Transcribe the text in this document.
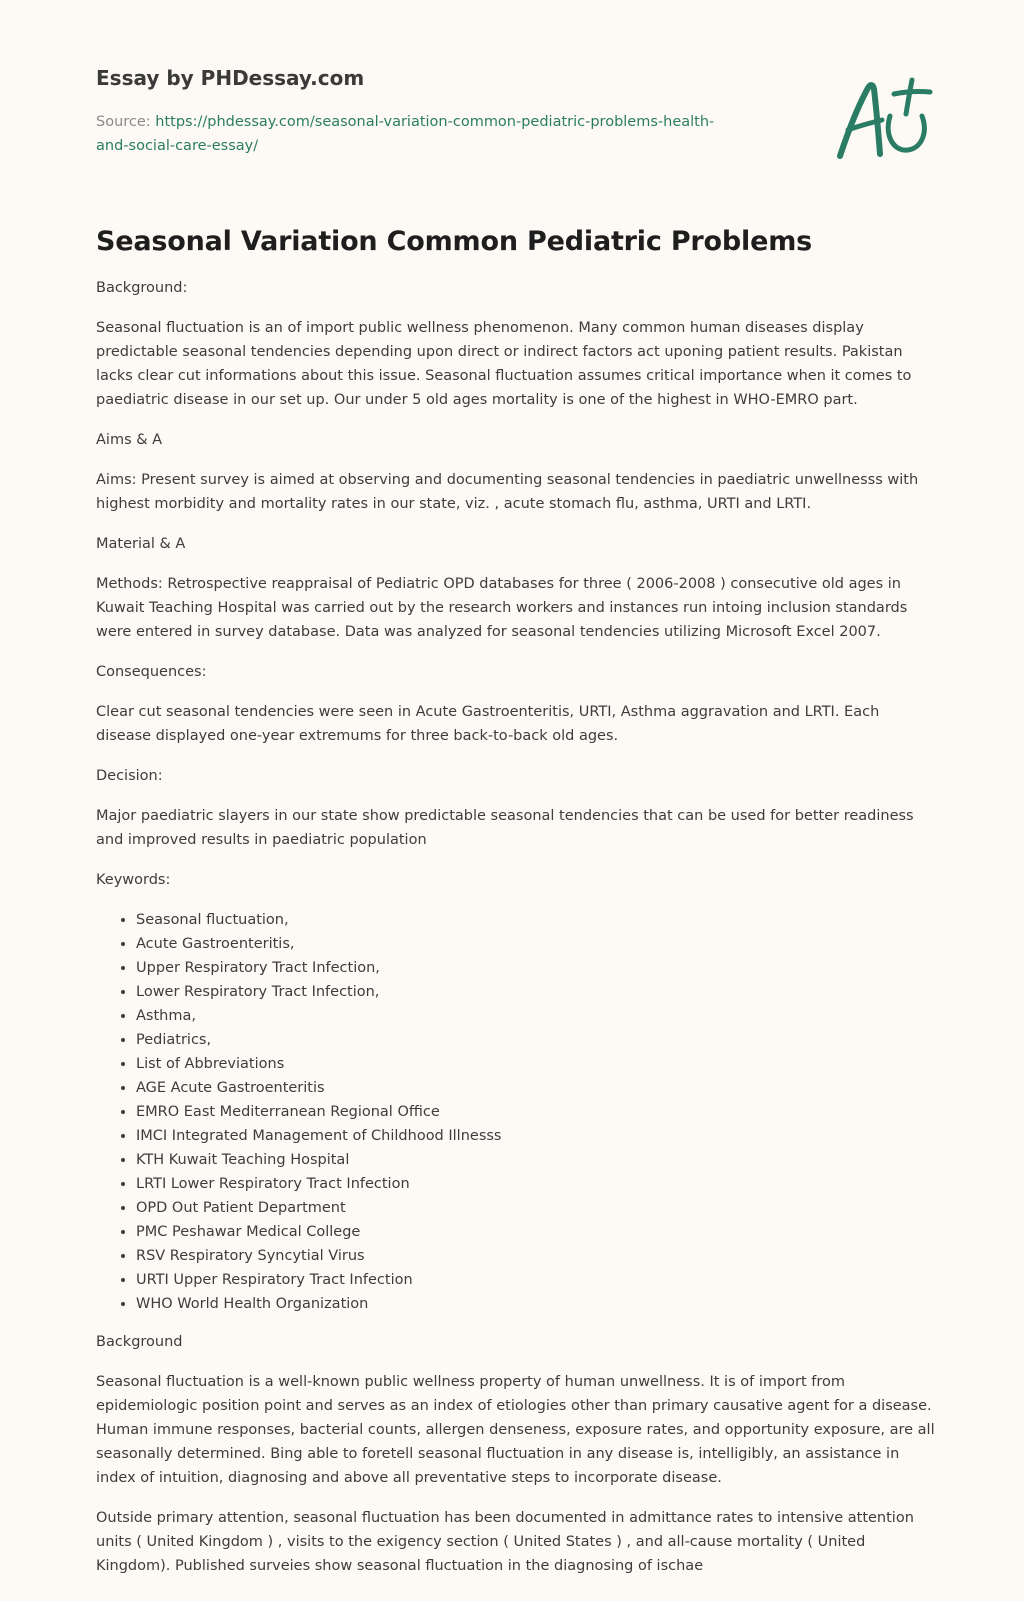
Essay by PHDessay.com
Source: https://phdessay.com/seasonal-variation-common-pediatric-problems-health-
and-social-care-essay/
Seasonal Variation Common Pediatric Problems

Background:

Seasonal fluctuation is an of import public wellness phenomenon. Many common human diseases display predictable seasonal tendencies depending upon direct or indirect factors act uponing patient results. Pakistan lacks clear cut informations about this issue. Seasonal fluctuation assumes critical importance when it comes to paediatric disease in our set up. Our under 5 old ages mortality is one of the highest in WHO-EMRO part.

Aims & A

Aims: Present survey is aimed at observing and documenting seasonal tendencies in paediatric unwellnesss with highest morbidity and mortality rates in our state, viz. , acute stomach flu, asthma, URTI and LRTI.

Material & A

Methods: Retrospective reappraisal of Pediatric OPD databases for three ( 2006-2008 ) consecutive old ages in Kuwait Teaching Hospital was carried out by the research workers and instances run intoing inclusion standards were entered in survey database. Data was analyzed for seasonal tendencies utilizing Microsoft Excel 2007.

Consequences:

Clear cut seasonal tendencies were seen in Acute Gastroenteritis, URTI, Asthma aggravation and LRTI. Each disease displayed one-year extremums for three back-to-back old ages.

Decision:

Major paediatric slayers in our state show predictable seasonal tendencies that can be used for better readiness and improved results in paediatric population

Keywords:

• Seasonal fluctuation,
• Acute Gastroenteritis,
• Upper Respiratory Tract Infection,
• Lower Respiratory Tract Infection,
• Asthma,
• Pediatrics,
• List of Abbreviations
• AGE Acute Gastroenteritis
• EMRO East Mediterranean Regional Office
• IMCI Integrated Management of Childhood Illnesss
• KTH Kuwait Teaching Hospital
• LRTI Lower Respiratory Tract Infection
• OPD Out Patient Department
• PMC Peshawar Medical College
• RSV Respiratory Syncytial Virus
• URTI Upper Respiratory Tract Infection
• WHO World Health Organization

Background

Seasonal fluctuation is a well-known public wellness property of human unwellness. It is of import from epidemiologic position point and serves as an index of etiologies other than primary causative agent for a disease. Human immune responses, bacterial counts, allergen denseness, exposure rates, and opportunity exposure, are all seasonally determined. Bing able to foretell seasonal fluctuation in any disease is, intelligibly, an assistance in index of intuition, diagnosing and above all preventative steps to incorporate disease.

Outside primary attention, seasonal fluctuation has been documented in admittance rates to intensive attention units ( United Kingdom ) , visits to the exigency section ( United States ) , and all-cause mortality ( United Kingdom). Published surveies show seasonal fluctuation in the diagnosing of ischae
